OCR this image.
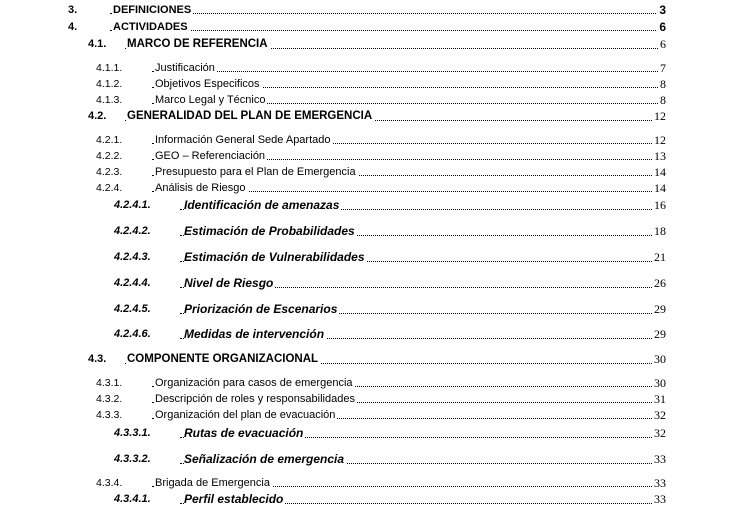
3.	DEFINICIONES	3
4.	ACTIVIDADES	6
4.1. MARCO DE REFERENCIA	6
4.1.1.	Justificación	7
4.1.2.	Objetivos Especificos	8
4.1.3.	Marco Legal y Técnico	8
4.2. GENERALIDAD DEL PLAN DE EMERGENCIA	12
4.2.1.	Información General Sede Apartado	12
4.2.2.	GEO – Referenciación	13
4.2.3.	Presupuesto para el Plan de Emergencia	14
4.2.4.	Análisis de Riesgo	14
4.2.4.1.	Identificación de amenazas	16
4.2.4.2.	Estimación de Probabilidades	18
4.2.4.3.	Estimación de Vulnerabilidades	21
4.2.4.4.	Nivel de Riesgo	26
4.2.4.5.	Priorización de Escenarios	29
4.2.4.6.	Medidas de intervención	29
4.3. COMPONENTE ORGANIZACIONAL	30
4.3.1.	Organización para casos de emergencia	30
4.3.2.	Descripción de roles y responsabilidades	31
4.3.3.	Organización del plan de evacuación	32
4.3.3.1.	Rutas de evacuación	32
4.3.3.2.	Señalización de emergencia	33
4.3.4.	Brigada de Emergencia	33
4.3.4.1.	Perfil establecido	33
